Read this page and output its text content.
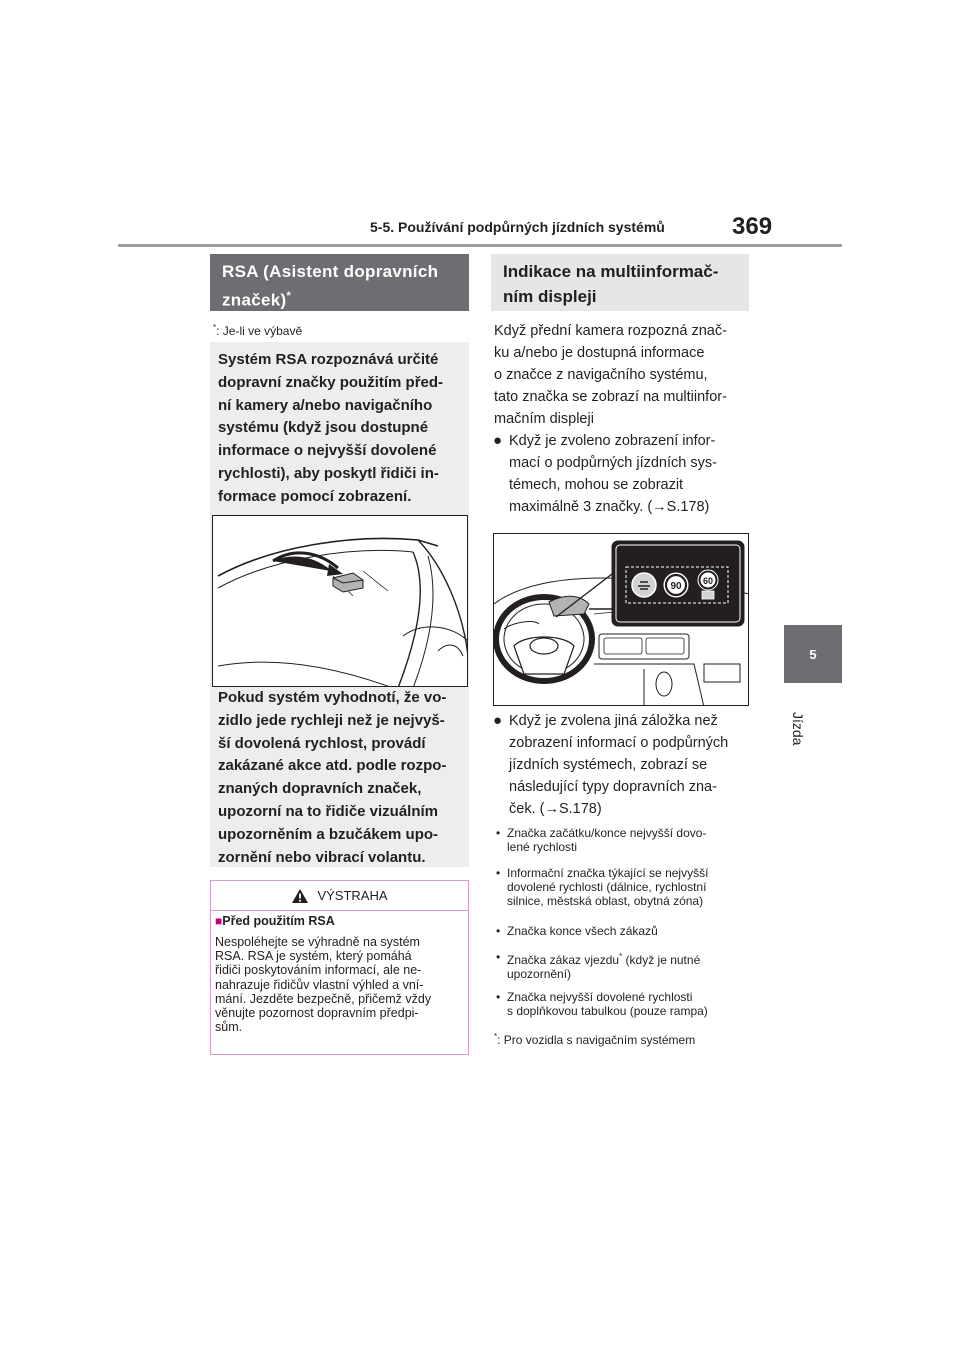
5-5. Používání podpůrných jízdních systémů	369
5
Jízda
RSA (Asistent dopravních značek)*
*: Je-li ve výbavě
Systém RSA rozpoznává určité
dopravní značky použitím před-
ní kamery a/nebo navigačního
systému (když jsou dostupné
informace o nejvyšší dovolené
rychlosti), aby poskytl řidiči in-
formace pomocí zobrazení.
Pokud systém vyhodnotí, že vo-
zidlo jede rychleji než je nejvyš-
ší dovolená rychlost, provádí
zakázané akce atd. podle rozpo-
znaných dopravních značek,
upozorní na to řidiče vizuálním
upozorněním a bzučákem upo-
zornění nebo vibrací volantu.
VÝSTRAHA
■Před použitím RSA
Nespoléhejte se výhradně na systém
RSA. RSA je systém, který pomáhá
řidiči poskytováním informací, ale ne-
nahrazuje řidičův vlastní výhled a vní-
mání. Jezděte bezpečně, přičemž vždy
věnujte pozornost dopravním předpi-
sům.
Indikace na multiinformač-ním displeji
Když přední kamera rozpozná znač-
ku a/nebo je dostupná informace
o značce z navigačního systému,
tato značka se zobrazí na multiinfor-
mačním displeji
● Když je zvoleno zobrazení infor-
mací o podpůrných jízdních sys-
témech, mohou se zobrazit
maximálně 3 značky. (→S.178)
90 60
● Když je zvolena jiná záložka než
zobrazení informací o podpůrných
jízdních systémech, zobrazí se
následující typy dopravních zna-
ček. (→S.178)
• Značka začátku/konce nejvyšší dovo-
lené rychlosti
• Informační značka týkající se nejvyšší
dovolené rychlosti (dálnice, rychlostní
silnice, městská oblast, obytná zóna)
• Značka konce všech zákazů
• Značka zákaz vjezdu* (když je nutné
upozornění)
• Značka nejvyšší dovolené rychlosti
s doplňkovou tabulkou (pouze rampa)
*: Pro vozidla s navigačním systémem
